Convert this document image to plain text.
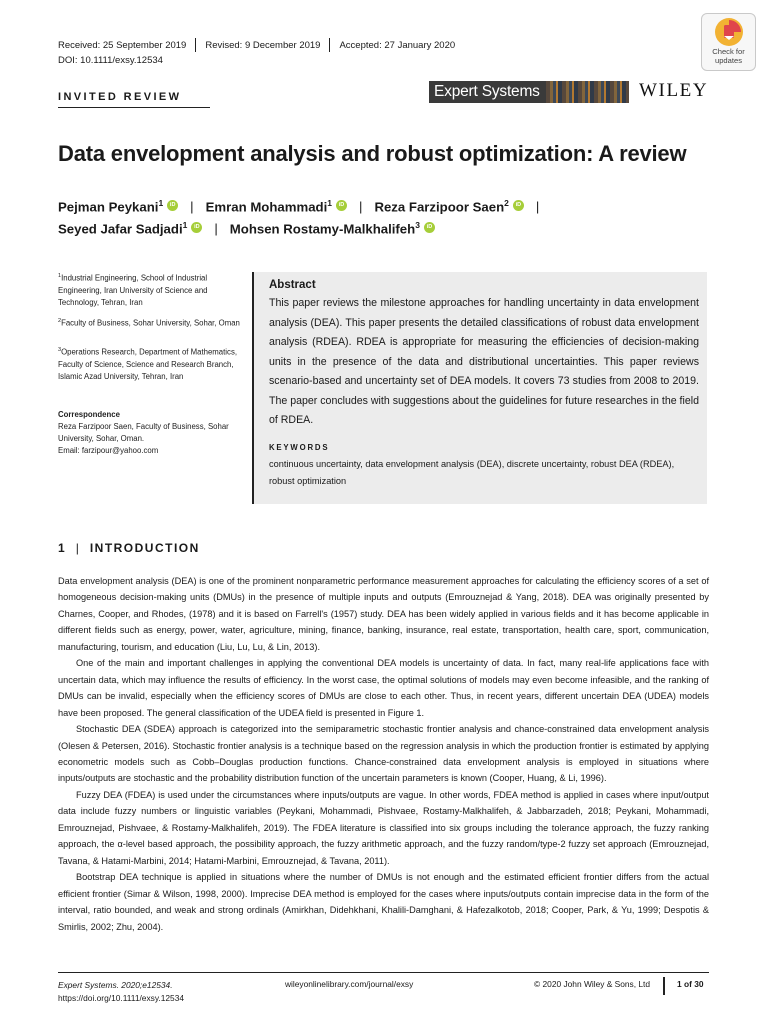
Received: 25 September 2019 Revised: 9 December 2019 Accepted: 27 January 2020
DOI: 10.1111/exsy.12534
Check for
updates
INVITED REVIEW	Expert Systems	WILEY
Data envelopment analysis and robust optimization: A review
Pejman Peykani$^1$ iD | Emran Mohammadi$^1$ iD | Reza Farzipoor Saen$^2$ iD |
Seyed Jafar Sadjadi$^1$ iD | Mohsen Rostamy-Malkhalifeh$^3$
iD
$^1$Industrial Engineering, School of Industrial Engineering, Iran University of Science and Technology, Tehran, Iran
$^2$Faculty of Business, Sohar University, Sohar, Oman
$^3$Operations Research, Department of Mathematics, Faculty of Science, Science and Research Branch, Islamic Azad University, Tehran, Iran
Correspondence
Reza Farzipoor Saen, Faculty of Business, Sohar University, Sohar, Oman.
Email: farzipour@yahoo.com
Abstract
This paper reviews the milestone approaches for handling uncertainty in data envelopment analysis (DEA). This paper presents the detailed classifications of robust data envelopment analysis (RDEA). RDEA is appropriate for measuring the efficiencies of decision-making units in the presence of the data and distributional uncertainties. This paper reviews scenario-based and uncertainty set of DEA models. It covers 73 studies from 2008 to 2019. The paper concludes with suggestions about the guidelines for future researches in the field of RDEA.
KEYWORDS
continuous uncertainty, data envelopment analysis (DEA), discrete uncertainty, robust DEA (RDEA), robust optimization
1 | INTRODUCTION

Data envelopment analysis (DEA) is one of the prominent nonparametric performance measurement approaches for calculating the efficiency scores of a set of homogeneous decision-making units (DMUs) in the presence of multiple inputs and outputs (Emrouznejad & Yang, 2018). DEA was originally presented by Charnes, Cooper, and Rhodes, (1978) and it is based on Farrell's (1957) study. DEA has been widely applied in various fields and it has become applicable in different fields such as energy, power, water, agriculture, mining, finance, banking, insurance, real estate, transportation, health care, sport, communication, manufacturing, tourism, and education (Liu, Lu, Lu, & Lin, 2013).

One of the main and important challenges in applying the conventional DEA models is uncertainty of data. In fact, many real-life applications face with uncertain data, which may influence the results of efficiency. In the worst case, the optimal solutions of models may even become infeasible, and the ranking of DMUs can be invalid, especially when the efficiency scores of DMUs are close to each other. Thus, in recent years, different uncertain DEA (UDEA) models have been proposed. The general classification of the UDEA field is presented in Figure 1.

Stochastic DEA (SDEA) approach is categorized into the semiparametric stochastic frontier analysis and chance-constrained data envelopment analysis (Olesen & Petersen, 2016). Stochastic frontier analysis is a technique based on the regression analysis in which the production frontier is estimated by applying econometric models such as Cobb–Douglas production functions. Chance-constrained data envelopment analysis is employed in situations where inputs/outputs are stochastic and the probability distribution function of the uncertain parameters is known (Cooper, Huang, & Li, 1996).

Fuzzy DEA (FDEA) is used under the circumstances where inputs/outputs are vague. In other words, FDEA method is applied in cases where input/output data include fuzzy numbers or linguistic variables (Peykani, Mohammadi, Pishvaee, Rostamy-Malkhalifeh, & Jabbarzadeh, 2018; Peykani, Mohammadi, Emrouznejad, Pishvaee, & Rostamy-Malkhalifeh, 2019). The FDEA literature is classified into six groups including the tolerance approach, the fuzzy ranking approach, the α-level based approach, the possibility approach, the fuzzy arithmetic approach, and the fuzzy random/type-2 fuzzy set approach (Emrouznejad, Tavana, & Hatami-Marbini, 2014; Hatami-Marbini, Emrouznejad, & Tavana, 2011).

Bootstrap DEA technique is applied in situations where the number of DMUs is not enough and the estimated efficient frontier differs from the actual efficient frontier (Simar & Wilson, 1998, 2000). Imprecise DEA method is employed for the cases where inputs/outputs contain imprecise data in the form of the interval, ratio bounded, and weak and strong ordinals (Amirkhan, Didehkhani, Khalili-Damghani, & Hafezalkotob, 2018; Cooper, Park, & Yu, 1999; Despotis & Smirlis, 2002; Zhu, 2004).

Expert Systems. 2020;e12534.
https://doi.org/10.1111/exsy.12534
wileyonlinelibrary.com/journal/exsy	© 2020 John Wiley & Sons, Ltd	1 of 30
